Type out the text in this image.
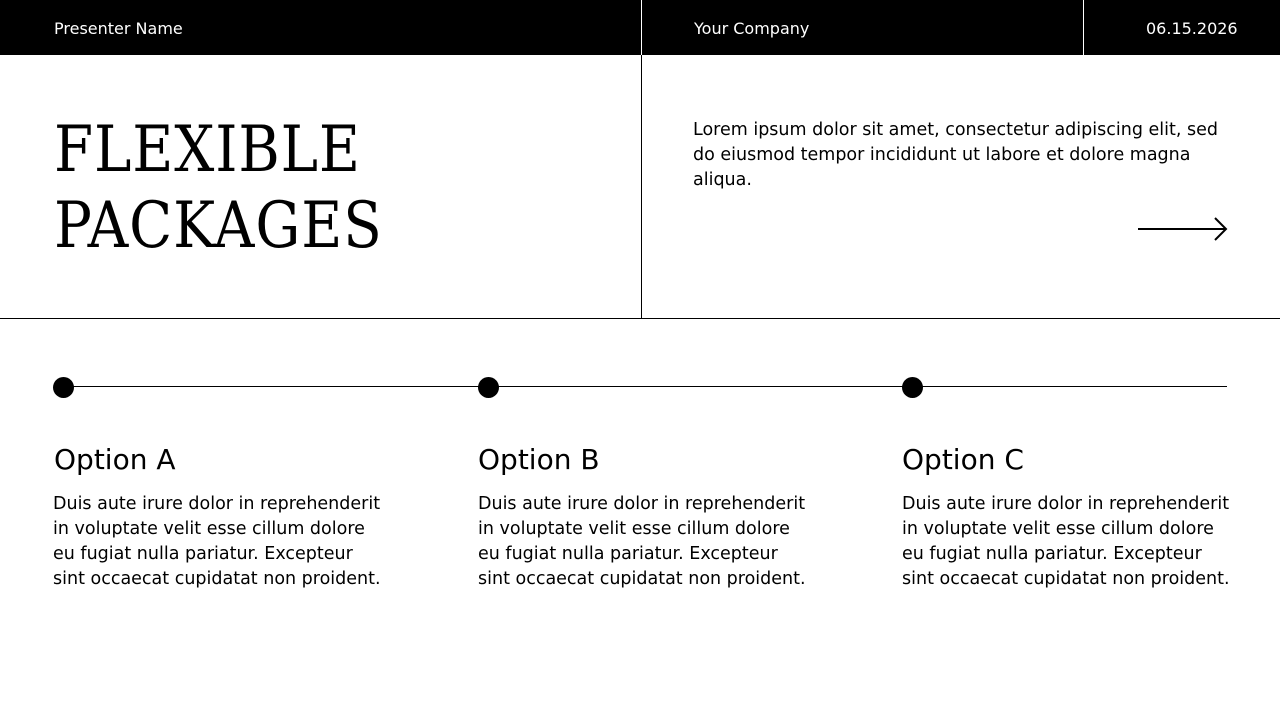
Presenter Name	Your Company	06.15.2026
FLEXIBLE
PACKAGES

Lorem ipsum dolor sit amet, consectetur adipiscing elit, sed do eiusmod tempor incididunt ut labore et dolore magna aliqua.

Option A
Duis aute irure dolor in reprehenderit in voluptate velit esse cillum dolore eu fugiat nulla pariatur. Excepteur sint occaecat cupidatat non proident.
Option B
Duis aute irure dolor in reprehenderit in voluptate velit esse cillum dolore eu fugiat nulla pariatur. Excepteur sint occaecat cupidatat non proident.
Option C
Duis aute irure dolor in reprehenderit in voluptate velit esse cillum dolore eu fugiat nulla pariatur. Excepteur sint occaecat cupidatat non proident.
